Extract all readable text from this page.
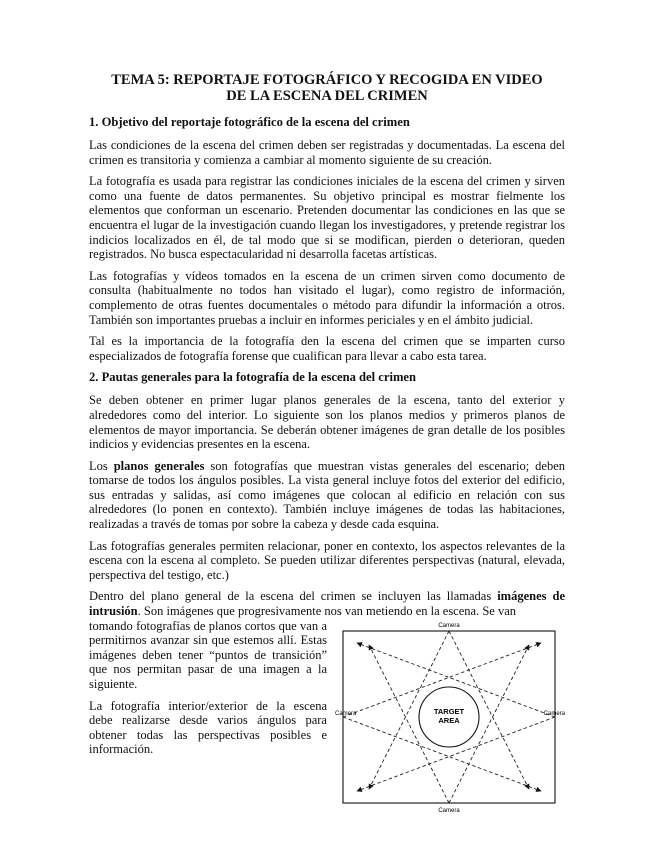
TEMA 5: REPORTAJE FOTOGRÁFICO Y RECOGIDA EN VIDEO
DE LA ESCENA DEL CRIMEN
1. Objetivo del reportaje fotográfico de la escena del crimen

Las condiciones de la escena del crimen deben ser registradas y documentadas. La escena del crimen es transitoria y comienza a cambiar al momento siguiente de su creación.

La fotografía es usada para registrar las condiciones iniciales de la escena del crimen y sirven como una fuente de datos permanentes. Su objetivo principal es mostrar fielmente los elementos que conforman un escenario. Pretenden documentar las condiciones en las que se encuentra el lugar de la investigación cuando llegan los investigadores, y pretende registrar los indicios localizados en él, de tal modo que si se modifican, pierden o deterioran, queden registrados. No busca espectacularidad ni desarrolla facetas artísticas.

Las fotografías y vídeos tomados en la escena de un crimen sirven como documento de consulta (habitualmente no todos han visitado el lugar), como registro de información, complemento de otras fuentes documentales o método para difundir la información a otros. También son importantes pruebas a incluir en informes periciales y en el ámbito judicial.

Tal es la importancia de la fotografía den la escena del crimen que se imparten curso especializados de fotografía forense que cualifican para llevar a cabo esta tarea.

2. Pautas generales para la fotografía de la escena del crimen

Se deben obtener en primer lugar planos generales de la escena, tanto del exterior y alrededores como del interior. Lo siguiente son los planos medios y primeros planos de elementos de mayor importancia. Se deberán obtener imágenes de gran detalle de los posibles indicios y evidencias presentes en la escena.

Los planos generales son fotografías que muestran vistas generales del escenario; deben tomarse de todos los ángulos posibles. La vista general incluye fotos del exterior del edificio, sus entradas y salidas, así como imágenes que colocan al edificio en relación con sus alrededores (lo ponen en contexto). También incluye imágenes de todas las habitaciones, realizadas a través de tomas por sobre la cabeza y desde cada esquina.

Las fotografías generales permiten relacionar, poner en contexto, los aspectos relevantes de la escena con la escena al completo. Se pueden utilizar diferentes perspectivas (natural, elevada, perspectiva del testigo, etc.)

Dentro del plano general de la escena del crimen se incluyen las llamadas imágenes de intrusión. Son imágenes que progresivamente nos van metiendo en la escena. Se van

tomando fotografías de planos cortos que van a permitirnos avanzar sin que estemos allí. Estas imágenes deben tener “puntos de transición” que nos permitan pasar de una imagen a la siguiente.

La fotografía interior/exterior de la escena debe realizarse desde varios ángulos para obtener todas las perspectivas posibles e información.

TARGET
AREA
Camera
Camera
Camera	Camera
